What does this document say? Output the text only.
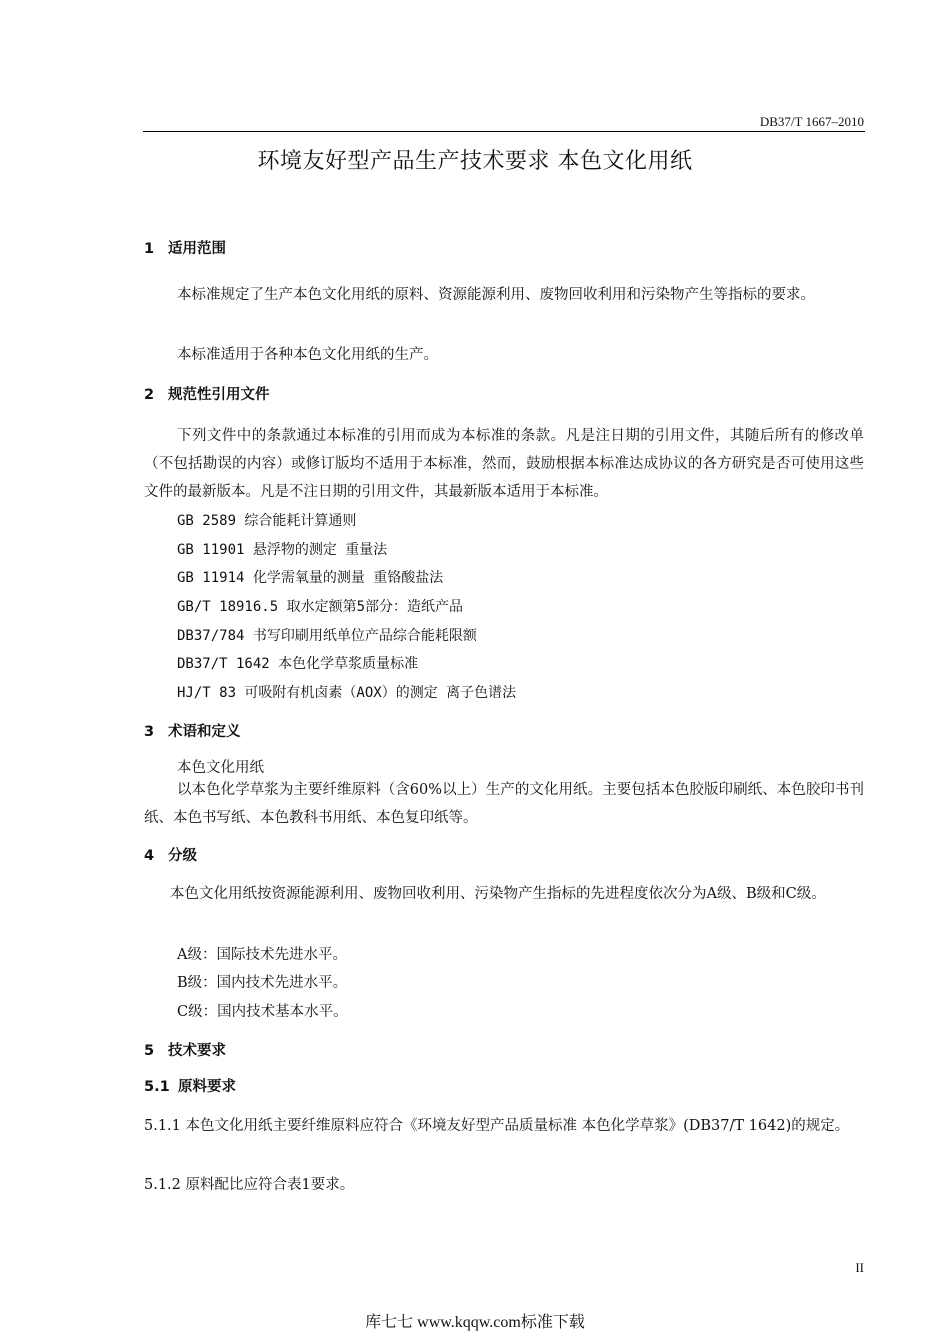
DB37/T 1667–2010
环境友好型产品生产技术要求 本色文化用纸
1 适用范围
本标准规定了生产本色文化用纸的原料、资源能源利用、废物回收利用和污染物产生等指标的要求。
本标准适用于各种本色文化用纸的生产。
2 规范性引用文件
下列文件中的条款通过本标准的引用而成为本标准的条款。凡是注日期的引用文件，其随后所有的修改单（不包括勘误的内容）或修订版均不适用于本标准，然而，鼓励根据本标准达成协议的各方研究是否可使用这些文件的最新版本。凡是不注日期的引用文件，其最新版本适用于本标准。
GB 2589 综合能耗计算通则
GB 11901 悬浮物的测定 重量法
GB 11914 化学需氧量的测量 重铬酸盐法
GB/T 18916.5 取水定额第5部分：造纸产品
DB37/784 书写印刷用纸单位产品综合能耗限额
DB37/T 1642 本色化学草浆质量标准
HJ/T 83 可吸附有机卤素（AOX）的测定 离子色谱法
3 术语和定义
本色文化用纸
以本色化学草浆为主要纤维原料（含60%以上）生产的文化用纸。主要包括本色胶版印刷纸、本色胶印书刊纸、本色书写纸、本色教科书用纸、本色复印纸等。
4 分级
本色文化用纸按资源能源利用、废物回收利用、污染物产生指标的先进程度依次分为A级、B级和C级。
A级：国际技术先进水平。
B级：国内技术先进水平。
C级：国内技术基本水平。
5 技术要求
5.1 原料要求
5.1.1 本色文化用纸主要纤维原料应符合《环境友好型产品质量标准 本色化学草浆》(DB37/T 1642)的规定。
5.1.2 原料配比应符合表1要求。
II
库七七 www.kqqw.com标准下载
